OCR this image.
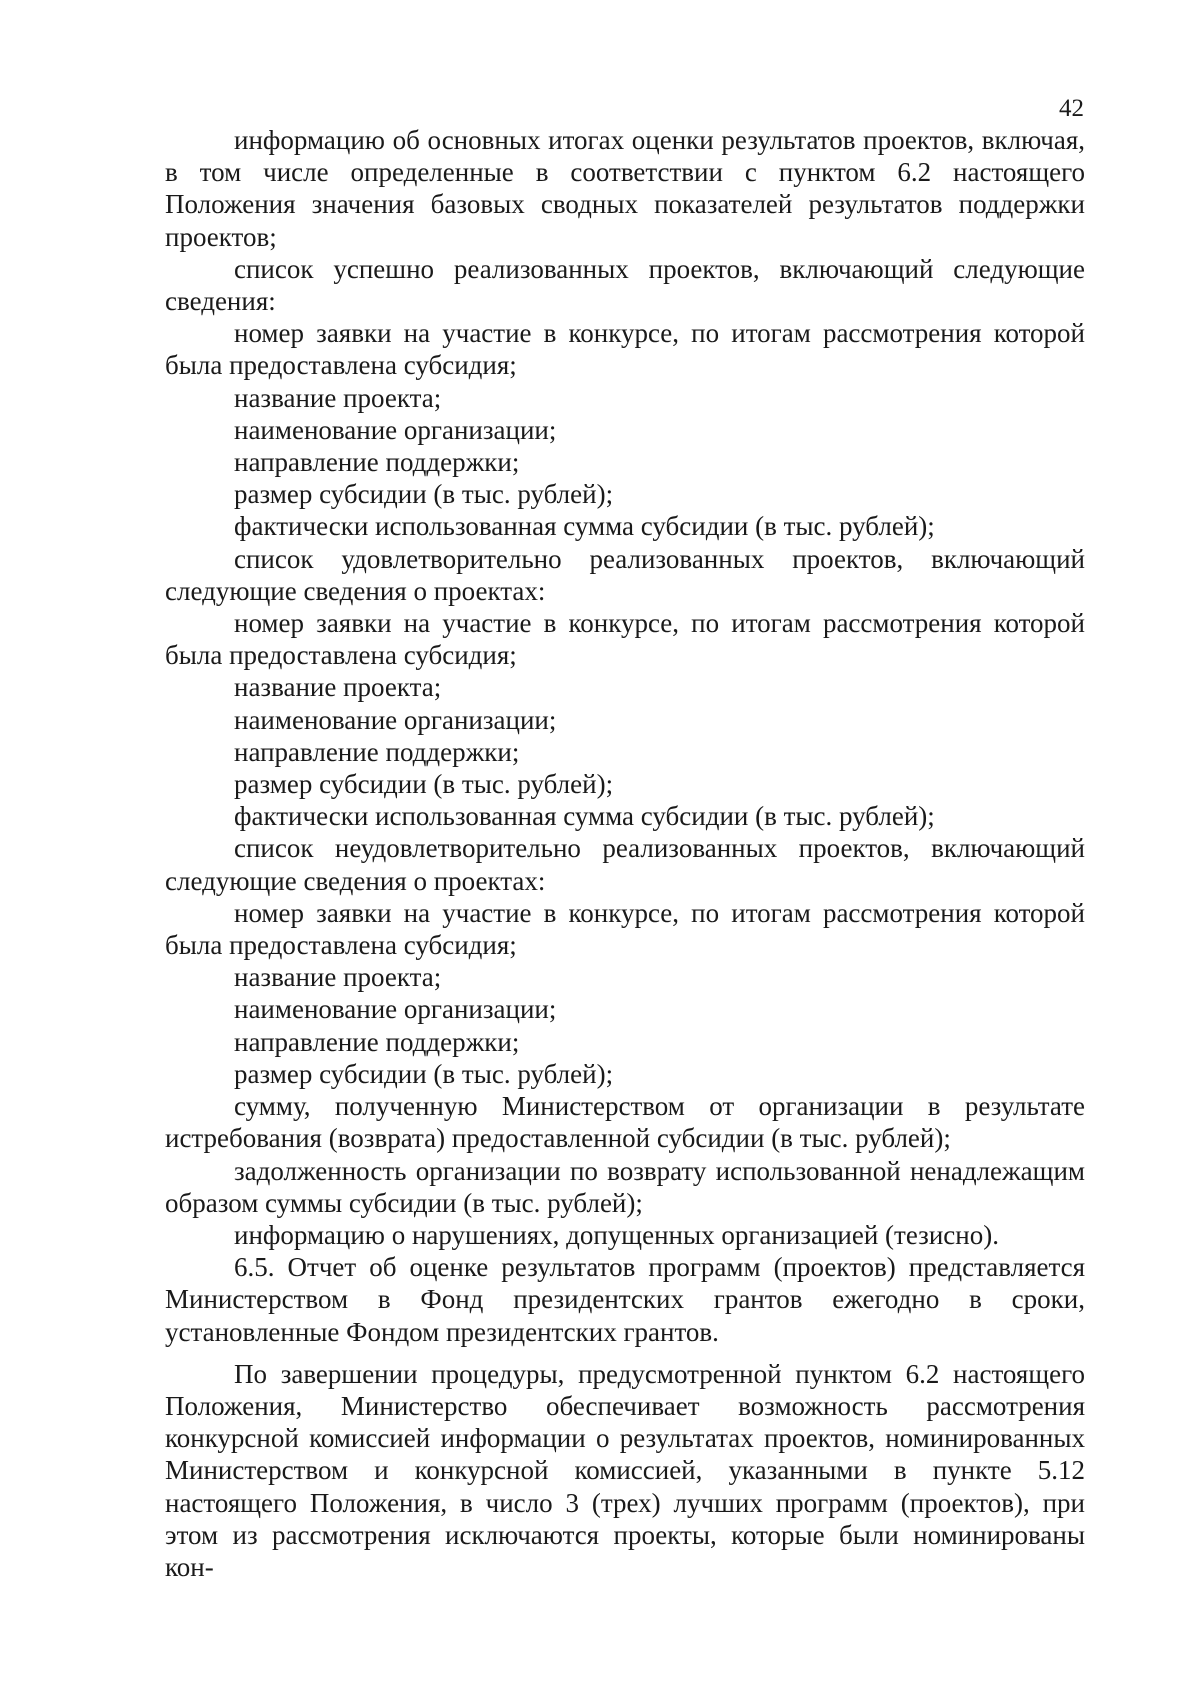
42

информацию об основных итогах оценки результатов проектов, включая, в том числе определенные в соответствии с пунктом 6.2 настоящего Положения значения базовых сводных показателей результатов поддержки проектов;

список успешно реализованных проектов, включающий следующие сведения:

номер заявки на участие в конкурсе, по итогам рассмотрения которой была предоставлена субсидия;

название проекта;

наименование организации;

направление поддержки;

размер субсидии (в тыс. рублей);

фактически использованная сумма субсидии (в тыс. рублей);

список удовлетворительно реализованных проектов, включающий следующие сведения о проектах:

номер заявки на участие в конкурсе, по итогам рассмотрения которой была предоставлена субсидия;

название проекта;

наименование организации;

направление поддержки;

размер субсидии (в тыс. рублей);

фактически использованная сумма субсидии (в тыс. рублей);

список неудовлетворительно реализованных проектов, включающий следующие сведения о проектах:

номер заявки на участие в конкурсе, по итогам рассмотрения которой была предоставлена субсидия;

название проекта;

наименование организации;

направление поддержки;

размер субсидии (в тыс. рублей);

сумму, полученную Министерством от организации в результате истребования (возврата) предоставленной субсидии (в тыс. рублей);

задолженность организации по возврату использованной ненадлежащим образом суммы субсидии (в тыс. рублей);

информацию о нарушениях, допущенных организацией (тезисно).

6.5. Отчет об оценке результатов программ (проектов) представляется Министерством в Фонд президентских грантов ежегодно в сроки, установленные Фондом президентских грантов.

По завершении процедуры, предусмотренной пунктом 6.2 настоящего Положения, Министерство обеспечивает возможность рассмотрения конкурсной комиссией информации о результатах проектов, номинированных Министерством и конкурсной комиссией, указанными в пункте 5.12 настоящего Положения, в число 3 (трех) лучших программ (проектов), при этом из рассмотрения исключаются проекты, которые были номинированы кон-
